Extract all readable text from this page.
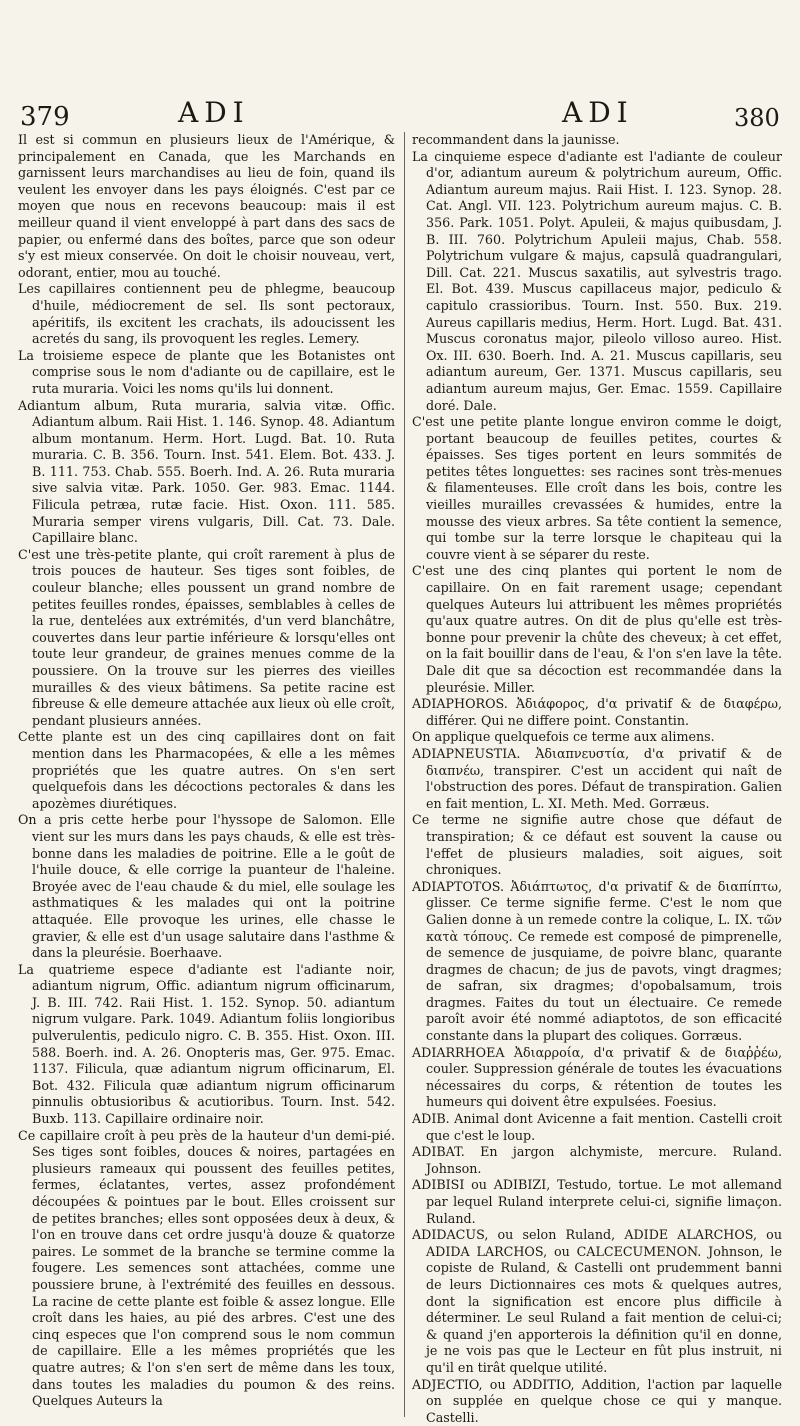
379	ADI	ADI	380

Il est si commun en plusieurs lieux de l'Amérique, & principalement en Canada, que les Marchands en garnissent leurs marchandises au lieu de foin, quand ils veulent les envoyer dans les pays éloignés. C'est par ce moyen que nous en recevons beaucoup: mais il est meilleur quand il vient enveloppé à part dans des sacs de papier, ou enfermé dans des boîtes, parce que son odeur s'y est mieux conservée. On doit le choisir nouveau, vert, odorant, entier, mou au touché.

Les capillaires contiennent peu de phlegme, beaucoup d'huile, médiocrement de sel. Ils sont pectoraux, apéritifs, ils excitent les crachats, ils adoucissent les acretés du sang, ils provoquent les regles. Lemery.

La troisieme espece de plante que les Botanistes ont comprise sous le nom d'adiante ou de capillaire, est le ruta muraria. Voici les noms qu'ils lui donnent.

Adiantum album, Ruta muraria, salvia vitæ. Offic. Adiantum album. Raii Hist. 1. 146. Synop. 48. Adiantum album montanum. Herm. Hort. Lugd. Bat. 10. Ruta muraria. C. B. 356. Tourn. Inst. 541. Elem. Bot. 433. J. B. 111. 753. Chab. 555. Boerh. Ind. A. 26. Ruta muraria sive salvia vitæ. Park. 1050. Ger. 983. Emac. 1144. Filicula petræa, rutæ facie. Hist. Oxon. 111. 585. Muraria semper virens vulgaris, Dill. Cat. 73. Dale. Capillaire blanc.

C'est une très-petite plante, qui croît rarement à plus de trois pouces de hauteur. Ses tiges sont foibles, de couleur blanche; elles poussent un grand nombre de petites feuilles rondes, épaisses, semblables à celles de la rue, dentelées aux extrémités, d'un verd blanchâtre, couvertes dans leur partie inférieure & lorsqu'elles ont toute leur grandeur, de graines menues comme de la poussiere. On la trouve sur les pierres des vieilles murailles & des vieux bâtimens. Sa petite racine est fibreuse & elle demeure attachée aux lieux où elle croît, pendant plusieurs années.

Cette plante est un des cinq capillaires dont on fait mention dans les Pharmacopées, & elle a les mêmes propriétés que les quatre autres. On s'en sert quelquefois dans les décoctions pectorales & dans les apozèmes diurétiques.

On a pris cette herbe pour l'hyssope de Salomon. Elle vient sur les murs dans les pays chauds, & elle est très-bonne dans les maladies de poitrine. Elle a le goût de l'huile douce, & elle corrige la puanteur de l'haleine. Broyée avec de l'eau chaude & du miel, elle soulage les asthmatiques & les malades qui ont la poitrine attaquée. Elle provoque les urines, elle chasse le gravier, & elle est d'un usage salutaire dans l'asthme & dans la pleurésie. Boerhaave.

La quatrieme espece d'adiante est l'adiante noir, adiantum nigrum, Offic. adiantum nigrum officinarum, J. B. III. 742. Raii Hist. 1. 152. Synop. 50. adiantum nigrum vulgare. Park. 1049. Adiantum foliis longioribus pulverulentis, pediculo nigro. C. B. 355. Hist. Oxon. III. 588. Boerh. ind. A. 26. Onopteris mas, Ger. 975. Emac. 1137. Filicula, quæ adiantum nigrum officinarum, El. Bot. 432. Filicula quæ adiantum nigrum officinarum pinnulis obtusioribus & acutioribus. Tourn. Inst. 542. Buxb. 113. Capillaire ordinaire noir.

Ce capillaire croît à peu près de la hauteur d'un demi-pié. Ses tiges sont foibles, douces & noires, partagées en plusieurs rameaux qui poussent des feuilles petites, fermes, éclatantes, vertes, assez profondément découpées & pointues par le bout. Elles croissent sur de petites branches; elles sont opposées deux à deux, & l'on en trouve dans cet ordre jusqu'à douze & quatorze paires. Le sommet de la branche se termine comme la fougere. Les semences sont attachées, comme une poussiere brune, à l'extrémité des feuilles en dessous. La racine de cette plante est foible & assez longue. Elle croît dans les haies, au pié des arbres. C'est une des cinq especes que l'on comprend sous le nom commun de capillaire. Elle a les mêmes propriétés que les quatre autres; & l'on s'en sert de même dans les toux, dans toutes les maladies du poumon & des reins. Quelques Auteurs la

recommandent dans la jaunisse.

La cinquieme espece d'adiante est l'adiante de couleur d'or, adiantum aureum & polytrichum aureum, Offic. Adiantum aureum majus. Raii Hist. I. 123. Synop. 28. Cat. Angl. VII. 123. Polytrichum aureum majus. C. B. 356. Park. 1051. Polyt. Apuleii, & majus quibusdam, J. B. III. 760. Polytrichum Apuleii majus, Chab. 558. Polytrichum vulgare & majus, capsulâ quadrangulari, Dill. Cat. 221. Muscus saxatilis, aut sylvestris trago. El. Bot. 439. Muscus capillaceus major, pediculo & capitulo crassioribus. Tourn. Inst. 550. Bux. 219. Aureus capillaris medius, Herm. Hort. Lugd. Bat. 431. Muscus coronatus major, pileolo villoso aureo. Hist. Ox. III. 630. Boerh. Ind. A. 21. Muscus capillaris, seu adiantum aureum, Ger. 1371. Muscus capillaris, seu adiantum aureum majus, Ger. Emac. 1559. Capillaire doré. Dale.

C'est une petite plante longue environ comme le doigt, portant beaucoup de feuilles petites, courtes & épaisses. Ses tiges portent en leurs sommités de petites têtes longuettes: ses racines sont très-menues & filamenteuses. Elle croît dans les bois, contre les vieilles murailles crevassées & humides, entre la mousse des vieux arbres. Sa tête contient la semence, qui tombe sur la terre lorsque le chapiteau qui la couvre vient à se séparer du reste.

C'est une des cinq plantes qui portent le nom de capillaire. On en fait rarement usage; cependant quelques Auteurs lui attribuent les mêmes propriétés qu'aux quatre autres. On dit de plus qu'elle est très-bonne pour prevenir la chûte des cheveux; à cet effet, on la fait bouillir dans de l'eau, & l'on s'en lave la tête. Dale dit que sa décoction est recommandée dans la pleurésie. Miller.

ADIAPHOROS. Ἀδιάφορος, d'α privatif & de διαφέρω, différer. Qui ne differe point. Constantin.

On applique quelquefois ce terme aux alimens.

ADIAPNEUSTIA. Ἀδιαπνευστία, d'α privatif & de διαπνέω, transpirer. C'est un accident qui naît de l'obstruction des pores. Défaut de transpiration. Galien en fait mention, L. XI. Meth. Med. Gorræus.

Ce terme ne signifie autre chose que défaut de transpiration; & ce défaut est souvent la cause ou l'effet de plusieurs maladies, soit aigues, soit chroniques.

ADIAPTOTOS. Ἀδιάπτωτος, d'α privatif & de διαπίπτω, glisser. Ce terme signifie ferme. C'est le nom que Galien donne à un remede contre la colique, L. IX. τῶν κατὰ τόπους. Ce remede est composé de pimprenelle, de semence de jusquiame, de poivre blanc, quarante dragmes de chacun; de jus de pavots, vingt dragmes; de safran, six dragmes; d'opobalsamum, trois dragmes. Faites du tout un électuaire. Ce remede paroît avoir été nommé adiaptotos, de son efficacité constante dans la plupart des coliques. Gorræus.

ADIARRHOEA Ἀδιαρροία, d'α privatif & de διαῤῥέω, couler. Suppression générale de toutes les évacuations nécessaires du corps, & rétention de toutes les humeurs qui doivent être expulsées. Foesius.

ADIB. Animal dont Avicenne a fait mention. Castelli croit que c'est le loup.

ADIBAT. En jargon alchymiste, mercure. Ruland. Johnson.

ADIBISI ou ADIBIZI, Testudo, tortue. Le mot allemand par lequel Ruland interprete celui-ci, signifie limaçon. Ruland.

ADIDACUS, ou selon Ruland, ADIDE ALARCHOS, ou ADIDA LARCHOS, ou CALCECUMENON. Johnson, le copiste de Ruland, & Castelli ont prudemment banni de leurs Dictionnaires ces mots & quelques autres, dont la signification est encore plus difficile à déterminer. Le seul Ruland a fait mention de celui-ci; & quand j'en apporterois la définition qu'il en donne, je ne vois pas que le Lecteur en fût plus instruit, ni qu'il en tirât quelque utilité.

ADJECTIO, ou ADDITIO, Addition, l'action par laquelle on supplée en quelque chose ce qui y manque. Castelli.
